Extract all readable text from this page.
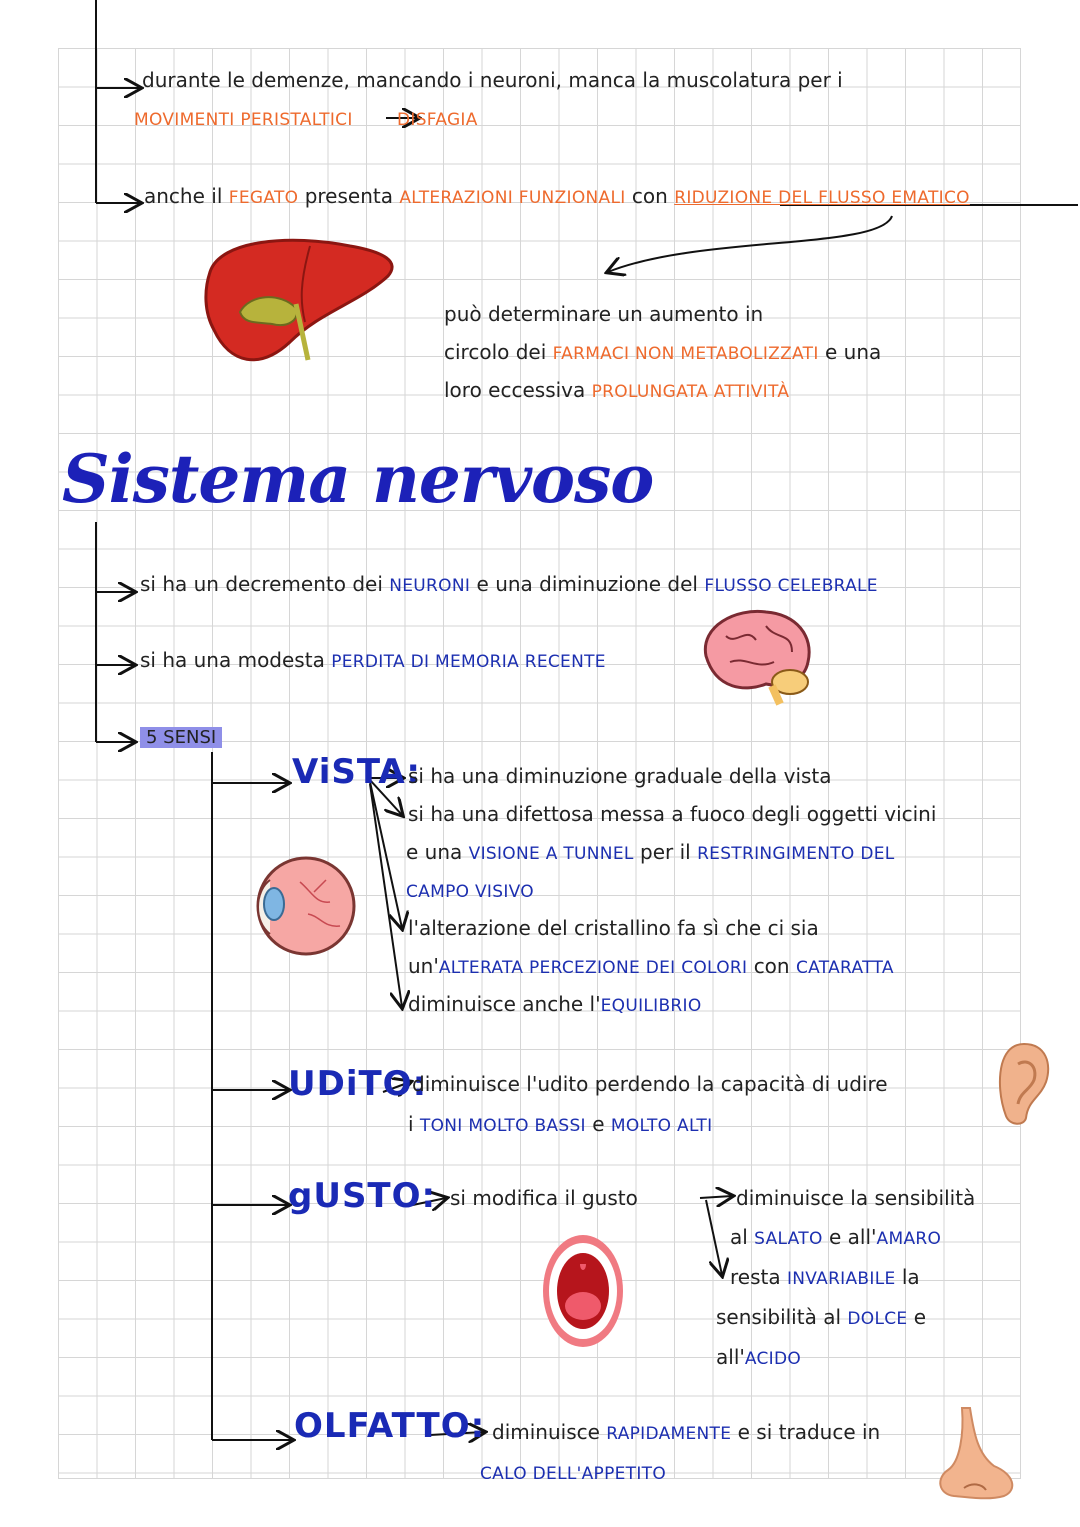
durante le demenze, mancando i neuroni, manca la muscolatura per i
MOVIMENTI PERISTALTICI	DISFAGIA
anche il FEGATO presenta ALTERAZIONI FUNZIONALI con RIDUZIONE DEL FLUSSO EMATICO
può determinare un aumento in
circolo dei FARMACI NON METABOLIZZATI e una
loro eccessiva PROLUNGATA ATTIVITÀ
Sistema nervoso
si ha un decremento dei NEURONI e una diminuzione del FLUSSO CELEBRALE
si ha una modesta PERDITA DI MEMORIA RECENTE
5 SENSI
ViSTA:
si ha una diminuzione graduale della vista
si ha una difettosa messa a fuoco degli oggetti vicini
e una VISIONE A TUNNEL per il RESTRINGIMENTO DEL
CAMPO VISIVO
l'alterazione del cristallino fa sì che ci sia
un'ALTERATA PERCEZIONE DEI COLORI con CATARATTA
diminuisce anche l'EQUILIBRIO
UDiTO:
diminuisce l'udito perdendo la capacità di udire
i TONI MOLTO BASSI e MOLTO ALTI
gUSTO: si modifica il gusto	diminuisce la sensibilità
al SALATO e all'AMARO
resta INVARIABILE la
sensibilità al DOLCE e
all'ACIDO
OLFATTO: diminuisce RAPIDAMENTE e si traduce in
CALO DELL'APPETITO
